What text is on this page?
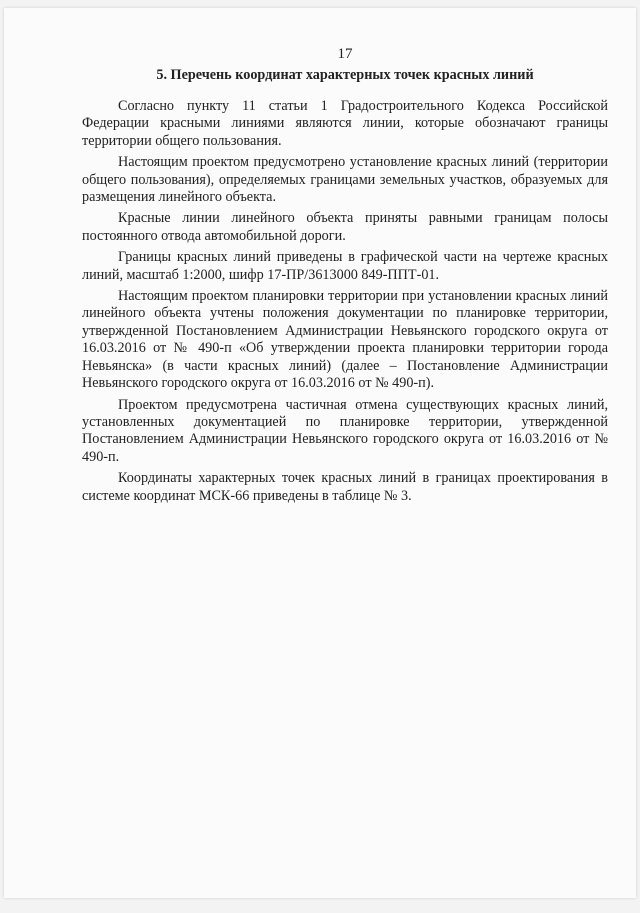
17
5. Перечень координат характерных точек красных линий

Согласно пункту 11 статьи 1 Градостроительного Кодекса Российской Федерации красными линиями являются линии, которые обозначают границы территории общего пользования.

Настоящим проектом предусмотрено установление красных линий (территории общего пользования), определяемых границами земельных участков, образуемых для размещения линейного объекта.

Красные линии линейного объекта приняты равными границам полосы постоянного отвода автомобильной дороги.

Границы красных линий приведены в графической части на чертеже красных линий, масштаб 1:2000, шифр 17-ПР/3613000 849-ППТ-01.

Настоящим проектом планировки территории при установлении красных линий линейного объекта учтены положения документации по планировке территории, утвержденной Постановлением Администрации Невьянского городского округа от 16.03.2016 от № 490-п «Об утверждении проекта планировки территории города Невьянска» (в части красных линий) (далее – Постановление Администрации Невьянского городского округа от 16.03.2016 от № 490-п).

Проектом предусмотрена частичная отмена существующих красных линий, установленных документацией по планировке территории, утвержденной Постановлением Администрации Невьянского городского округа от 16.03.2016 от № 490-п.

Координаты характерных точек красных линий в границах проектирования в системе координат МСК-66 приведены в таблице № 3.
